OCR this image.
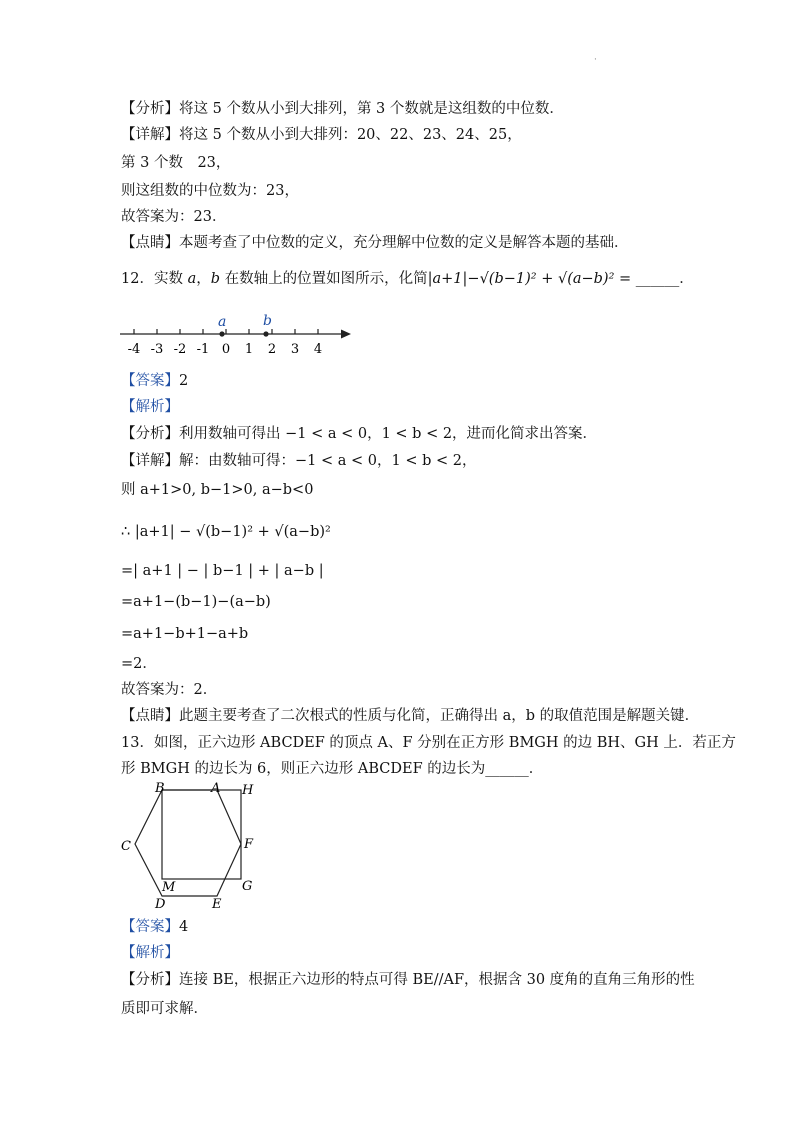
·
【分析】将这 5 个数从小到大排列，第 3 个数就是这组数的中位数．
【详解】将这 5 个数从小到大排列：20、22、23、24、25，
第 3 个数　23，
则这组数的中位数为：23，
故答案为：23．
【点睛】本题考查了中位数的定义，充分理解中位数的定义是解答本题的基础．
12．实数 a，b 在数轴上的位置如图所示，化简|a+1|−√(b−1)² + √(a−b)² = ______．
-4 -3 -2 -1 0 1 2 3 4
a	b
【答案】2
【解析】
【分析】利用数轴可得出 −1 < a < 0，1 < b < 2，进而化简求出答案．
【详解】解：由数轴可得：−1 < a < 0，1 < b < 2，
则 a+1>0, b−1>0, a−b<0
∴ |a+1| − √(b−1)² + √(a−b)²
=| a+1 | − | b−1 | + | a−b |
=a+1−(b−1)−(a−b)
=a+1−b+1−a+b
=2．
故答案为：2．
【点睛】此题主要考查了二次根式的性质与化简，正确得出 a，b 的取值范围是解题关键．
13．如图，正六边形 ABCDEF 的顶点 A、F 分别在正方形 BMGH 的边 BH、GH 上．若正方
形 BMGH 的边长为 6，则正六边形 ABCDEF 的边长为______．
B	A H
C	F
M	G
D	E
【答案】4
【解析】
【分析】连接 BE，根据正六边形的特点可得 BE//AF，根据含 30 度角的直角三角形的性
质即可求解．
